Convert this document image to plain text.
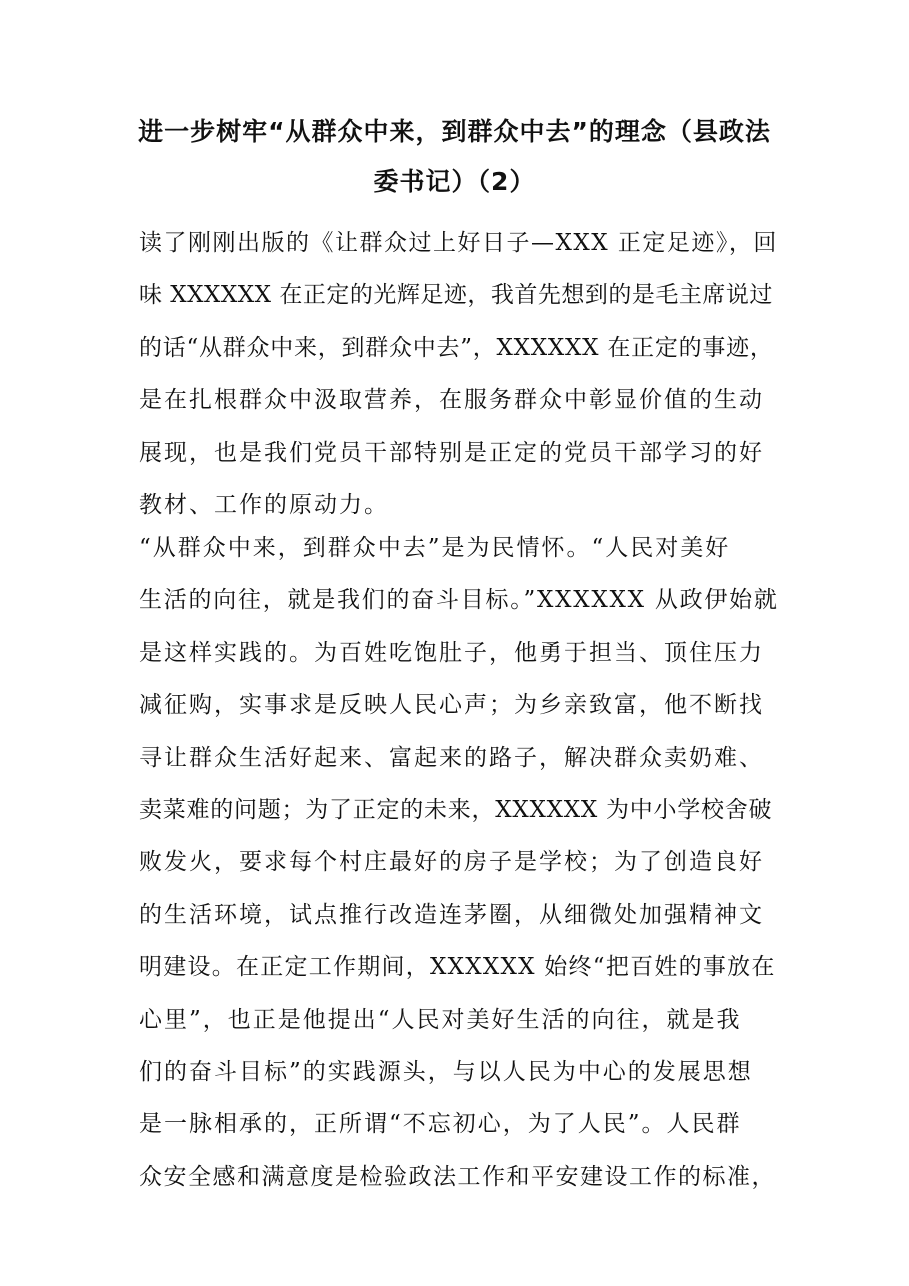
进一步树牢“从群众中来，到群众中去”的理念（县政法
委书记）（2）

读了刚刚出版的《让群众过上好日子—XXX 正定足迹》，回
味 XXXXXX 在正定的光辉足迹，我首先想到的是毛主席说过
的话“从群众中来，到群众中去”，XXXXXX 在正定的事迹，
是在扎根群众中汲取营养，在服务群众中彰显价值的生动
展现，也是我们党员干部特别是正定的党员干部学习的好
教材、工作的原动力。

“从群众中来，到群众中去”是为民情怀。“人民对美好
生活的向往，就是我们的奋斗目标。”XXXXXX 从政伊始就
是这样实践的。为百姓吃饱肚子，他勇于担当、顶住压力
减征购，实事求是反映人民心声；为乡亲致富，他不断找
寻让群众生活好起来、富起来的路子，解决群众卖奶难、
卖菜难的问题；为了正定的未来，XXXXXX 为中小学校舍破
败发火，要求每个村庄最好的房子是学校；为了创造良好
的生活环境，试点推行改造连茅圈，从细微处加强精神文
明建设。在正定工作期间，XXXXXX 始终“把百姓的事放在
心里”，也正是他提出“人民对美好生活的向往，就是我
们的奋斗目标”的实践源头，与以人民为中心的发展思想
是一脉相承的，正所谓“不忘初心，为了人民”。人民群
众安全感和满意度是检验政法工作和平安建设工作的标准，
